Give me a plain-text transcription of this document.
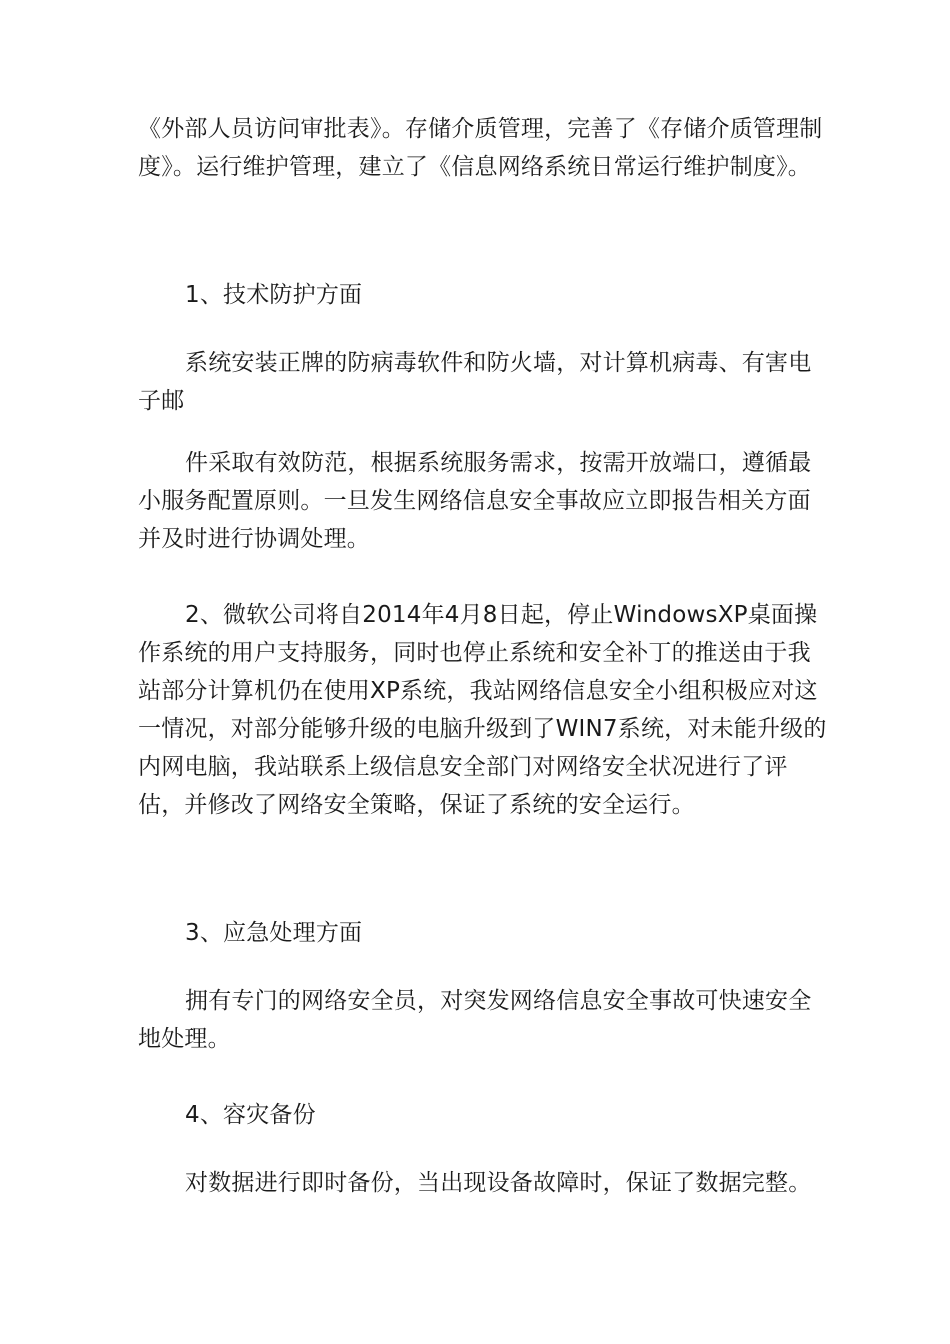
《外部人员访问审批表》。存储介质管理，完善了《存储介质管理制度》。运行维护管理，建立了《信息网络系统日常运行维护制度》。

1、技术防护方面

系统安装正牌的防病毒软件和防火墙，对计算机病毒、有害电子邮

件采取有效防范，根据系统服务需求，按需开放端口，遵循最小服务配置原则。一旦发生网络信息安全事故应立即报告相关方面并及时进行协调处理。

2、微软公司将自2014年4月8日起，停止WindowsXP桌面操作系统的用户支持服务，同时也停止系统和安全补丁的推送由于我站部分计算机仍在使用XP系统，我站网络信息安全小组积极应对这一情况，对部分能够升级的电脑升级到了WIN7系统，对未能升级的内网电脑，我站联系上级信息安全部门对网络安全状况进行了评估，并修改了网络安全策略，保证了系统的安全运行。

3、应急处理方面

拥有专门的网络安全员，对突发网络信息安全事故可快速安全地处理。

4、容灾备份

对数据进行即时备份，当出现设备故障时，保证了数据完整。
